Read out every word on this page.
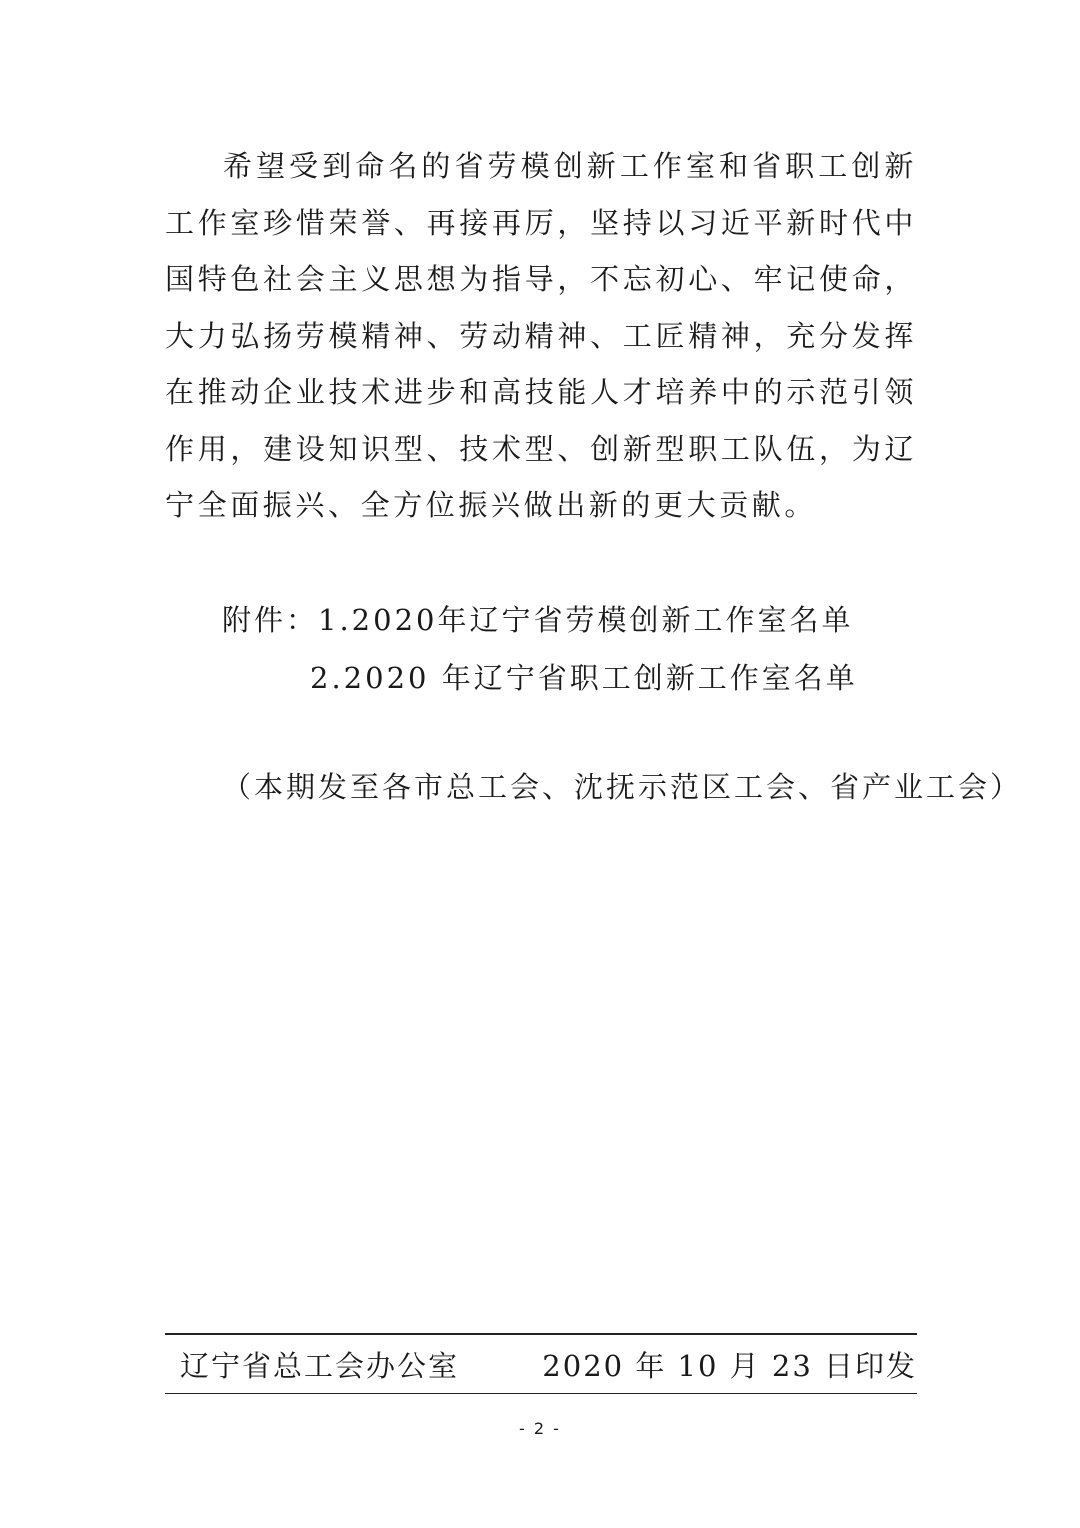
希望受到命名的省劳模创新工作室和省职工创新工作室珍惜荣誉、再接再厉，坚持以习近平新时代中国特色社会主义思想为指导，不忘初心、牢记使命，大力弘扬劳模精神、劳动精神、工匠精神，充分发挥在推动企业技术进步和高技能人才培养中的示范引领作用，建设知识型、技术型、创新型职工队伍，为辽宁全面振兴、全方位振兴做出新的更大贡献。

附件：1.2020年辽宁省劳模创新工作室名单

2.2020 年辽宁省职工创新工作室名单

（本期发至各市总工会、沈抚示范区工会、省产业工会）

辽宁省总工会办公室	2020 年 10 月 23 日印发
- 2 -
